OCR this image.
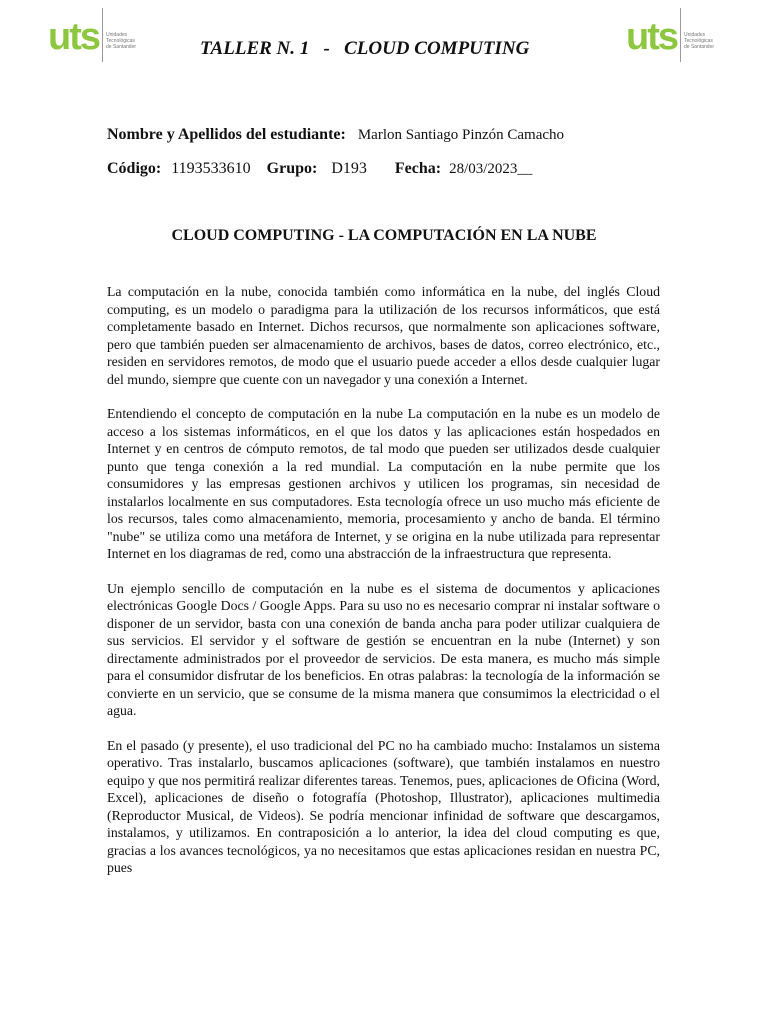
uts Unidades
Tecnológicas
de Santander	TALLER N. 1   -   CLOUD COMPUTING	uts Unidades
Tecnológicas
de Santander
Nombre y Apellidos del estudiante: Marlon Santiago Pinzón Camacho
Código: 1193533610 Grupo: D193 Fecha: 28/03/2023__
CLOUD COMPUTING - LA COMPUTACIÓN EN LA NUBE

La computación en la nube, conocida también como informática en la nube, del inglés Cloud computing, es un modelo o paradigma para la utilización de los recursos informáticos, que está completamente basado en Internet. Dichos recursos, que normalmente son aplicaciones software, pero que también pueden ser almacenamiento de archivos, bases de datos, correo electrónico, etc., residen en servidores remotos, de modo que el usuario puede acceder a ellos desde cualquier lugar del mundo, siempre que cuente con un navegador y una conexión a Internet.

Entendiendo el concepto de computación en la nube La computación en la nube es un modelo de acceso a los sistemas informáticos, en el que los datos y las aplicaciones están hospedados en Internet y en centros de cómputo remotos, de tal modo que pueden ser utilizados desde cualquier punto que tenga conexión a la red mundial. La computación en la nube permite que los consumidores y las empresas gestionen archivos y utilicen los programas, sin necesidad de instalarlos localmente en sus computadores. Esta tecnología ofrece un uso mucho más eficiente de los recursos, tales como almacenamiento, memoria, procesamiento y ancho de banda. El término "nube" se utiliza como una metáfora de Internet, y se origina en la nube utilizada para representar Internet en los diagramas de red, como una abstracción de la infraestructura que representa.

Un ejemplo sencillo de computación en la nube es el sistema de documentos y aplicaciones electrónicas Google Docs / Google Apps. Para su uso no es necesario comprar ni instalar software o disponer de un servidor, basta con una conexión de banda ancha para poder utilizar cualquiera de sus servicios. El servidor y el software de gestión se encuentran en la nube (Internet) y son directamente administrados por el proveedor de servicios. De esta manera, es mucho más simple para el consumidor disfrutar de los beneficios. En otras palabras: la tecnología de la información se convierte en un servicio, que se consume de la misma manera que consumimos la electricidad o el agua.

En el pasado (y presente), el uso tradicional del PC no ha cambiado mucho: Instalamos un sistema operativo. Tras instalarlo, buscamos aplicaciones (software), que también instalamos en nuestro equipo y que nos permitirá realizar diferentes tareas. Tenemos, pues, aplicaciones de Oficina (Word, Excel), aplicaciones de diseño o fotografía (Photoshop, Illustrator), aplicaciones multimedia (Reproductor Musical, de Videos). Se podría mencionar infinidad de software que descargamos, instalamos, y utilizamos. En contraposición a lo anterior, la idea del cloud computing es que, gracias a los avances tecnológicos, ya no necesitamos que estas aplicaciones residan en nuestra PC, pues
